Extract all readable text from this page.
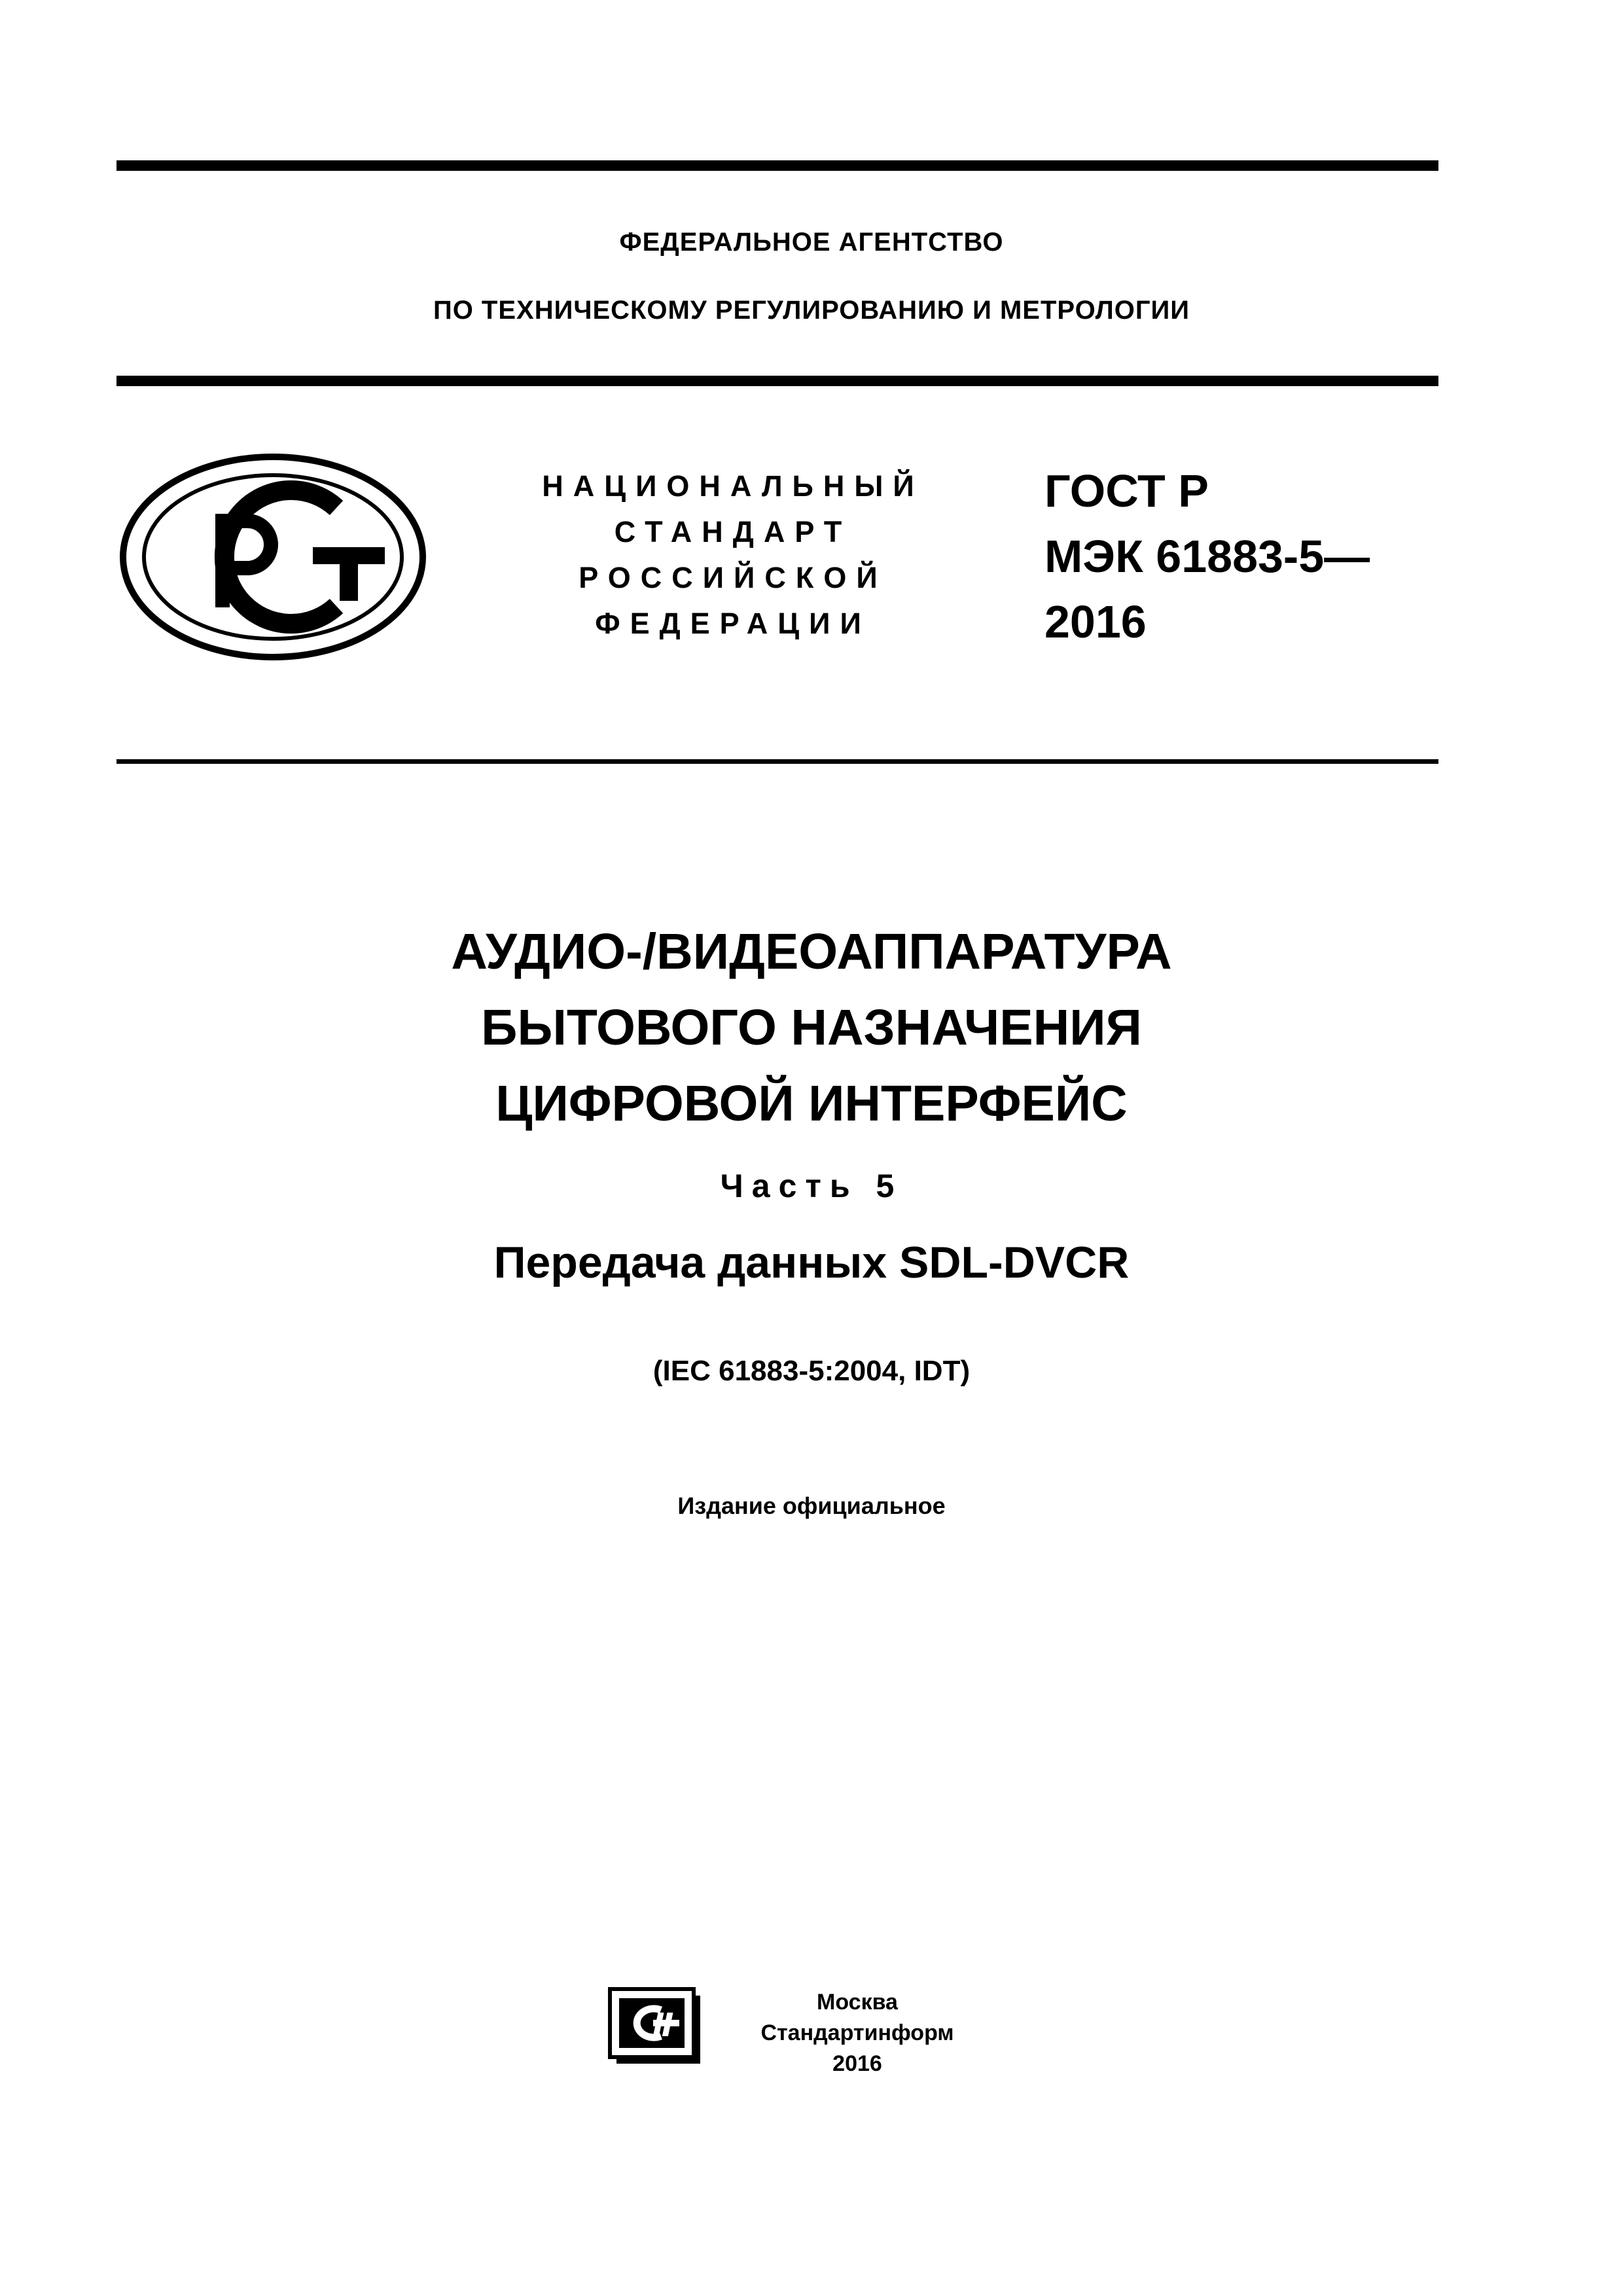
ФЕДЕРАЛЬНОЕ АГЕНТСТВО
ПО ТЕХНИЧЕСКОМУ РЕГУЛИРОВАНИЮ И МЕТРОЛОГИИ
НАЦИОНАЛЬНЫЙ
СТАНДАРТ
РОССИЙСКОЙ
ФЕДЕРАЦИИ
ГОСТ Р
МЭК 61883-5—
2016
АУДИО-/ВИДЕОАППАРАТУРА
БЫТОВОГО НАЗНАЧЕНИЯ
ЦИФРОВОЙ ИНТЕРФЕЙС
Часть 5
Передача данных SDL-DVCR
(IEC 61883-5:2004, IDT)
Издание официальное
Москва
Стандартинформ
2016
